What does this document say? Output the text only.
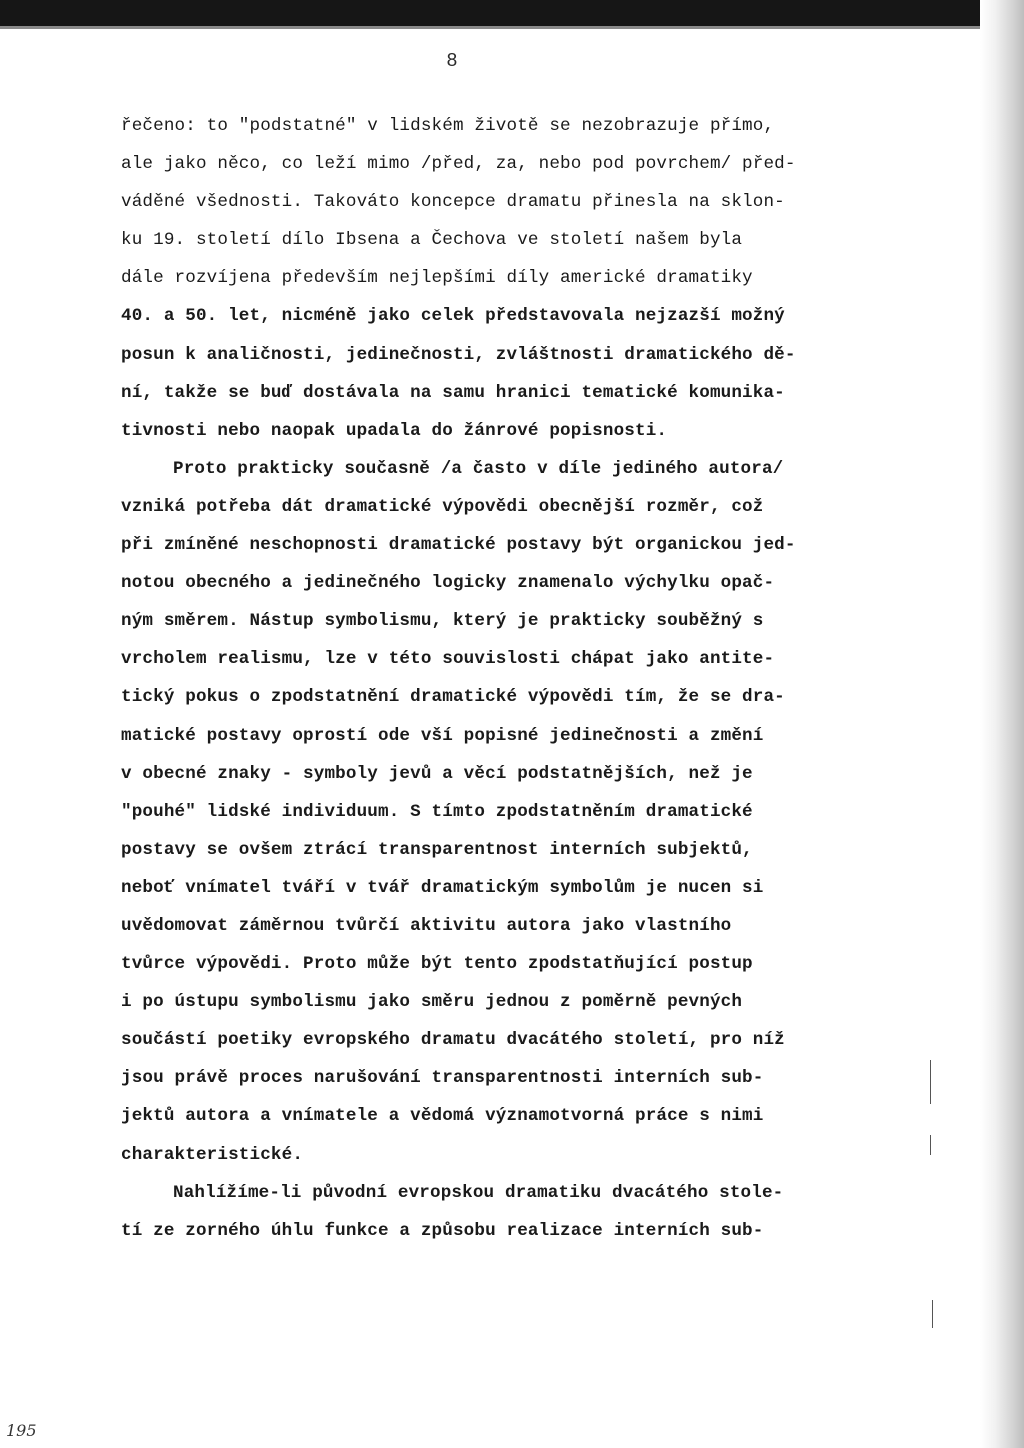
8
řečeno: to "podstatné" v lidském životě se nezobrazuje přímo,
ale jako něco, co leží mimo /před, za, nebo pod povrchem/ před-
váděné všednosti. Takováto koncepce dramatu přinesla na sklon-
ku 19. století dílo Ibsena a Čechova ve století našem byla
dále rozvíjena především nejlepšími díly americké dramatiky
40. a 50. let, nicméně jako celek představovala nejzazší možný
posun k analičnosti, jedinečnosti, zvláštnosti dramatického dě-
ní, takže se buď dostávala na samu hranici tematické komunika-
tivnosti nebo naopak upadala do žánrové popisnosti.
Proto prakticky současně /a často v díle jediného autora/
vzniká potřeba dát dramatické výpovědi obecnější rozměr, což
při zmíněné neschopnosti dramatické postavy být organickou jed-
notou obecného a jedinečného logicky znamenalo výchylku opač-
ným směrem. Nástup symbolismu, který je prakticky souběžný s
vrcholem realismu, lze v této souvislosti chápat jako antite-
tický pokus o zpodstatnění dramatické výpovědi tím, že se dra-
matické postavy oprostí ode vší popisné jedinečnosti a změní
v obecné znaky - symboly jevů a věcí podstatnějších, než je
"pouhé" lidské individuum. S tímto zpodstatněním dramatické
postavy se ovšem ztrácí transparentnost interních subjektů,
neboť vnímatel tváří v tvář dramatickým symbolům je nucen si
uvědomovat záměrnou tvůrčí aktivitu autora jako vlastního
tvůrce výpovědi. Proto může být tento zpodstatňující postup
i po ústupu symbolismu jako směru jednou z poměrně pevných
součástí poetiky evropského dramatu dvacátého století, pro níž
jsou právě proces narušování transparentnosti interních sub-
jektů autora a vnímatele a vědomá významotvorná práce s nimi
charakteristické.
Nahlížíme-li původní evropskou dramatiku dvacátého stole-
tí ze zorného úhlu funkce a způsobu realizace interních sub-
195
